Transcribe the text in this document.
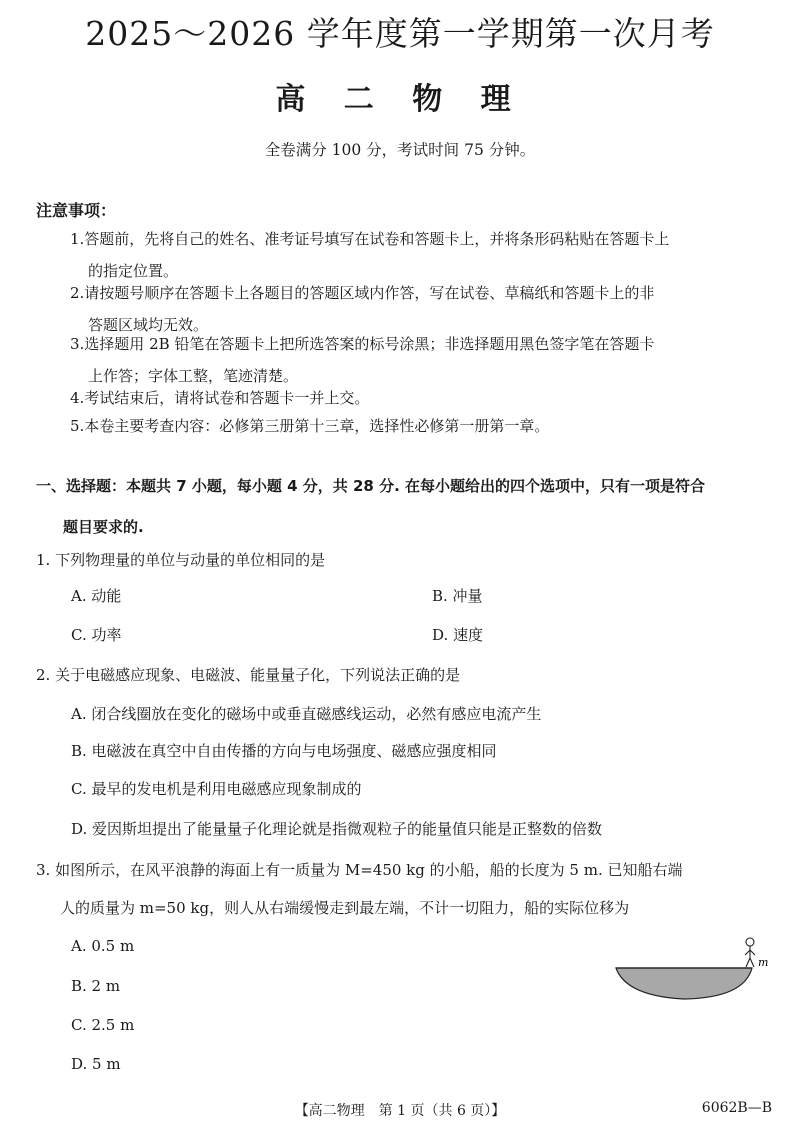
2025～2026 学年度第一学期第一次月考
高 二 物 理
全卷满分 100 分，考试时间 75 分钟。
注意事项：
1.答题前，先将自己的姓名、准考证号填写在试卷和答题卡上，并将条形码粘贴在答题卡上
的指定位置。
2.请按题号顺序在答题卡上各题目的答题区域内作答，写在试卷、草稿纸和答题卡上的非
答题区域均无效。
3.选择题用 2B 铅笔在答题卡上把所选答案的标号涂黑；非选择题用黑色签字笔在答题卡
上作答；字体工整，笔迹清楚。
4.考试结束后，请将试卷和答题卡一并上交。
5.本卷主要考查内容：必修第三册第十三章，选择性必修第一册第一章。
一、选择题：本题共 7 小题，每小题 4 分，共 28 分. 在每小题给出的四个选项中，只有一项是符合
题目要求的.
1. 下列物理量的单位与动量的单位相同的是
A. 动能	B. 冲量
C. 功率	D. 速度
2. 关于电磁感应现象、电磁波、能量量子化，下列说法正确的是
A. 闭合线圈放在变化的磁场中或垂直磁感线运动，必然有感应电流产生
B. 电磁波在真空中自由传播的方向与电场强度、磁感应强度相同
C. 最早的发电机是利用电磁感应现象制成的
D. 爱因斯坦提出了能量量子化理论就是指微观粒子的能量值只能是正整数的倍数
3. 如图所示，在风平浪静的海面上有一质量为 M=450 kg 的小船，船的长度为 5 m. 已知船右端
人的质量为 m=50 kg，则人从右端缓慢走到最左端，不计一切阻力，船的实际位移为
A. 0.5 m
B. 2 m
C. 2.5 m
D. 5 m
m
【高二物理　第 1 页（共 6 页）】	6062B—B
